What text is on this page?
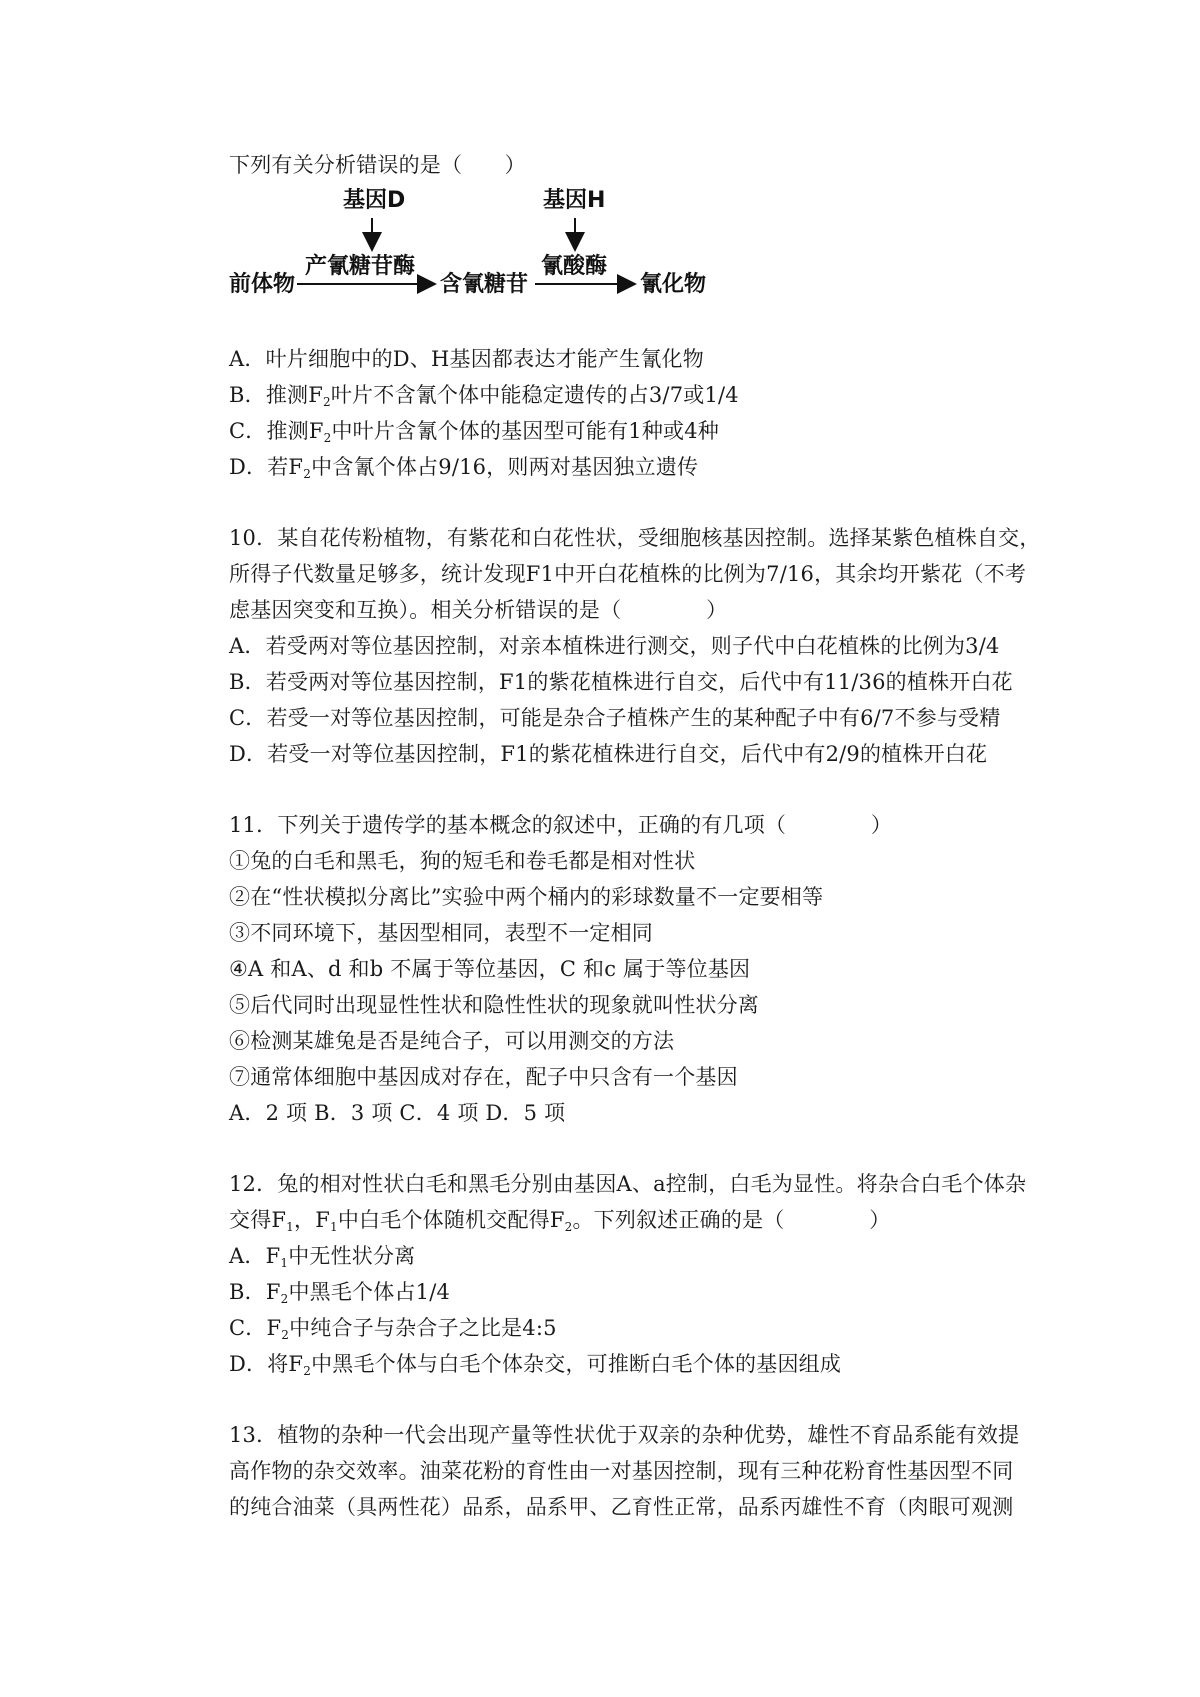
下列有关分析错误的是（　　）
基因D	基因H
产氰糖苷酶	氰酸酶
前体物	含氰糖苷	氰化物
A．叶片细胞中的D、H基因都表达才能产生氰化物
B．推测$F_2$叶片不含氰个体中能稳定遗传的占3/7或1/4
C．推测$F_2$中叶片含氰个体的基因型可能有1种或4种
D．若$F_2$中含氰个体占9/16，则两对基因独立遗传
10．某自花传粉植物，有紫花和白花性状，受细胞核基因控制。选择某紫色植株自交，
所得子代数量足够多，统计发现F1中开白花植株的比例为7/16，其余均开紫花（不考
虑基因突变和互换）。相关分析错误的是（　　　　）
A．若受两对等位基因控制，对亲本植株进行测交，则子代中白花植株的比例为3/4
B．若受两对等位基因控制，F1的紫花植株进行自交，后代中有11/36的植株开白花
C．若受一对等位基因控制，可能是杂合子植株产生的某种配子中有6/7不参与受精
D．若受一对等位基因控制，F1的紫花植株进行自交，后代中有2/9的植株开白花
11．下列关于遗传学的基本概念的叙述中，正确的有几项（　　　　）
①兔的白毛和黑毛，狗的短毛和卷毛都是相对性状
②在“性状模拟分离比”实验中两个桶内的彩球数量不一定要相等
③不同环境下，基因型相同，表型不一定相同
④A 和A、d 和b 不属于等位基因，C 和c 属于等位基因
⑤后代同时出现显性性状和隐性性状的现象就叫性状分离
⑥检测某雄兔是否是纯合子，可以用测交的方法
⑦通常体细胞中基因成对存在，配子中只含有一个基因
A．2 项 B．3 项 C．4 项 D．5 项
12．兔的相对性状白毛和黑毛分别由基因A、a控制，白毛为显性。将杂合白毛个体杂
交得$F_1$，$F_1$中白毛个体随机交配得$F_2$。下列叙述正确的是（　　　　）
A．$F_1$中无性状分离
B．$F_2$中黑毛个体占1/4
C．$F_2$中纯合子与杂合子之比是4:5
D．将$F_2$中黑毛个体与白毛个体杂交，可推断白毛个体的基因组成
13．植物的杂种一代会出现产量等性状优于双亲的杂种优势，雄性不育品系能有效提
高作物的杂交效率。油菜花粉的育性由一对基因控制，现有三种花粉育性基因型不同
的纯合油菜（具两性花）品系，品系甲、乙育性正常，品系丙雄性不育（肉眼可观测
